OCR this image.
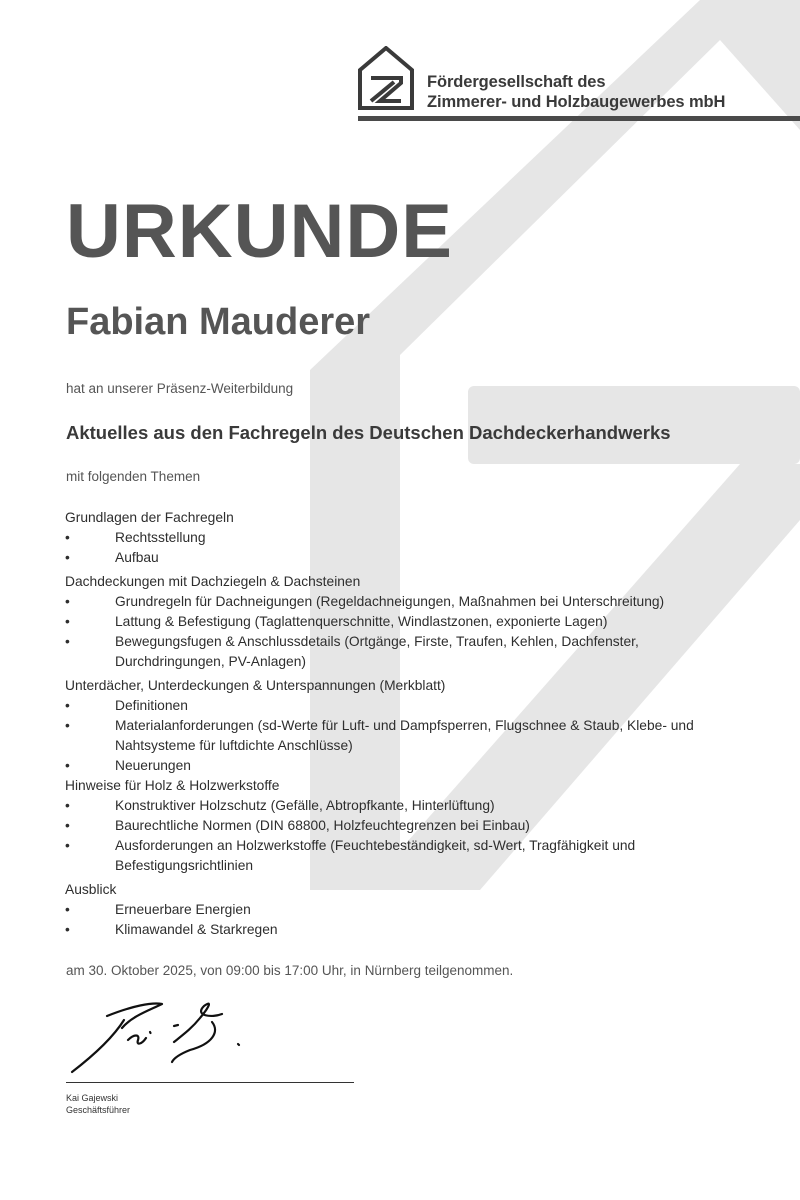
Fördergesellschaft des
Zimmerer- und Holzbaugewerbes mbH
URKUNDE
Fabian Mauderer
hat an unserer Präsenz-Weiterbildung
Aktuelles aus den Fachregeln des Deutschen Dachdeckerhandwerks
mit folgenden Themen

Grundlagen der Fachregeln

•	Rechtsstellung

•	Aufbau

Dachdeckungen mit Dachziegeln & Dachsteinen

•	Grundregeln für Dachneigungen (Regeldachneigungen, Maßnahmen bei Unterschreitung)

•	Lattung & Befestigung (Taglattenquerschnitte, Windlastzonen, exponierte Lagen)

•	Bewegungsfugen & Anschlussdetails (Ortgänge, Firste, Traufen, Kehlen, Dachfenster, Durchdringungen, PV-Anlagen)

Unterdächer, Unterdeckungen & Unterspannungen (Merkblatt)

•	Definitionen

•	Materialanforderungen (sd-Werte für Luft- und Dampfsperren, Flugschnee & Staub, Klebe- und Nahtsysteme für luftdichte Anschlüsse)

•	Neuerungen

Hinweise für Holz & Holzwerkstoffe

•	Konstruktiver Holzschutz (Gefälle, Abtropfkante, Hinterlüftung)

•	Baurechtliche Normen (DIN 68800, Holzfeuchtegrenzen bei Einbau)

•	Ausforderungen an Holzwerkstoffe (Feuchtebeständigkeit, sd-Wert, Tragfähigkeit und Befestigungsrichtlinien

Ausblick

•	Erneuerbare Energien

•	Klimawandel & Starkregen

am 30. Oktober 2025, von 09:00 bis 17:00 Uhr, in Nürnberg teilgenommen.
Kai Gajewski
Geschäftsführer
